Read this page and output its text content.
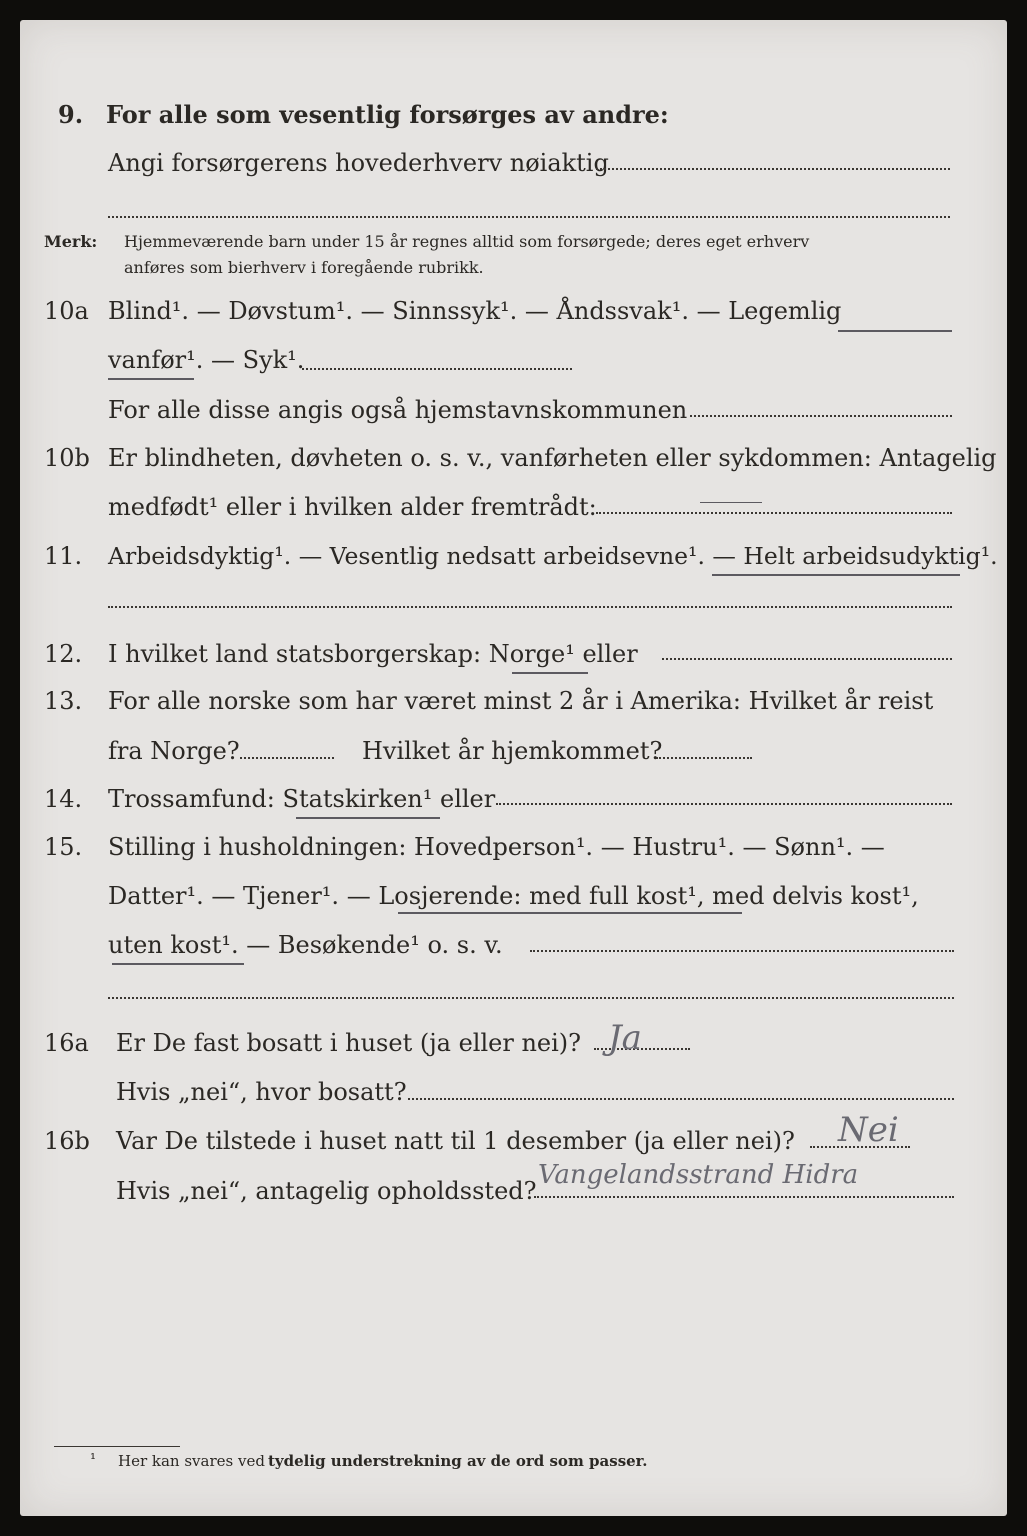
9. For alle som vesentlig forsørges av andre:
Angi forsørgerens hovederhverv nøiaktig
Merk: Hjemmeværende barn under 15 år regnes alltid som forsørgede; deres eget erhverv
anføres som bierhverv i foregående rubrikk.
10a Blind¹. — Døvstum¹. — Sinnssyk¹. — Åndssvak¹. — Legemlig
vanfør¹. — Syk¹.
For alle disse angis også hjemstavnskommunen
10b Er blindheten, døvheten o. s. v., vanførheten eller sykdommen: Antagelig
medfødt¹ eller i hvilken alder fremtrådt:
11. Arbeidsdyktig¹. — Vesentlig nedsatt arbeidsevne¹. — Helt arbeidsudyktig¹.
12. I hvilket land statsborgerskap: Norge¹ eller
13. For alle norske som har været minst 2 år i Amerika: Hvilket år reist
fra Norge?	Hvilket år hjemkommet?
14. Trossamfund: Statskirken¹ eller
15. Stilling i husholdningen: Hovedperson¹. — Hustru¹. — Sønn¹. —
Datter¹. — Tjener¹. — Losjerende: med full kost¹, med delvis kost¹,
uten kost¹. — Besøkende¹ o. s. v.
16a Er De fast bosatt i huset (ja eller nei)? Ja
Hvis „nei“, hvor bosatt?
16b Var De tilstede i huset natt til 1 desember (ja eller nei)? Nei
Hvis „nei“, antagelig opholdssted?
Vangelandsstrand Hidra
¹ Her kan svares ved tydelig understrekning av de ord som passer.
